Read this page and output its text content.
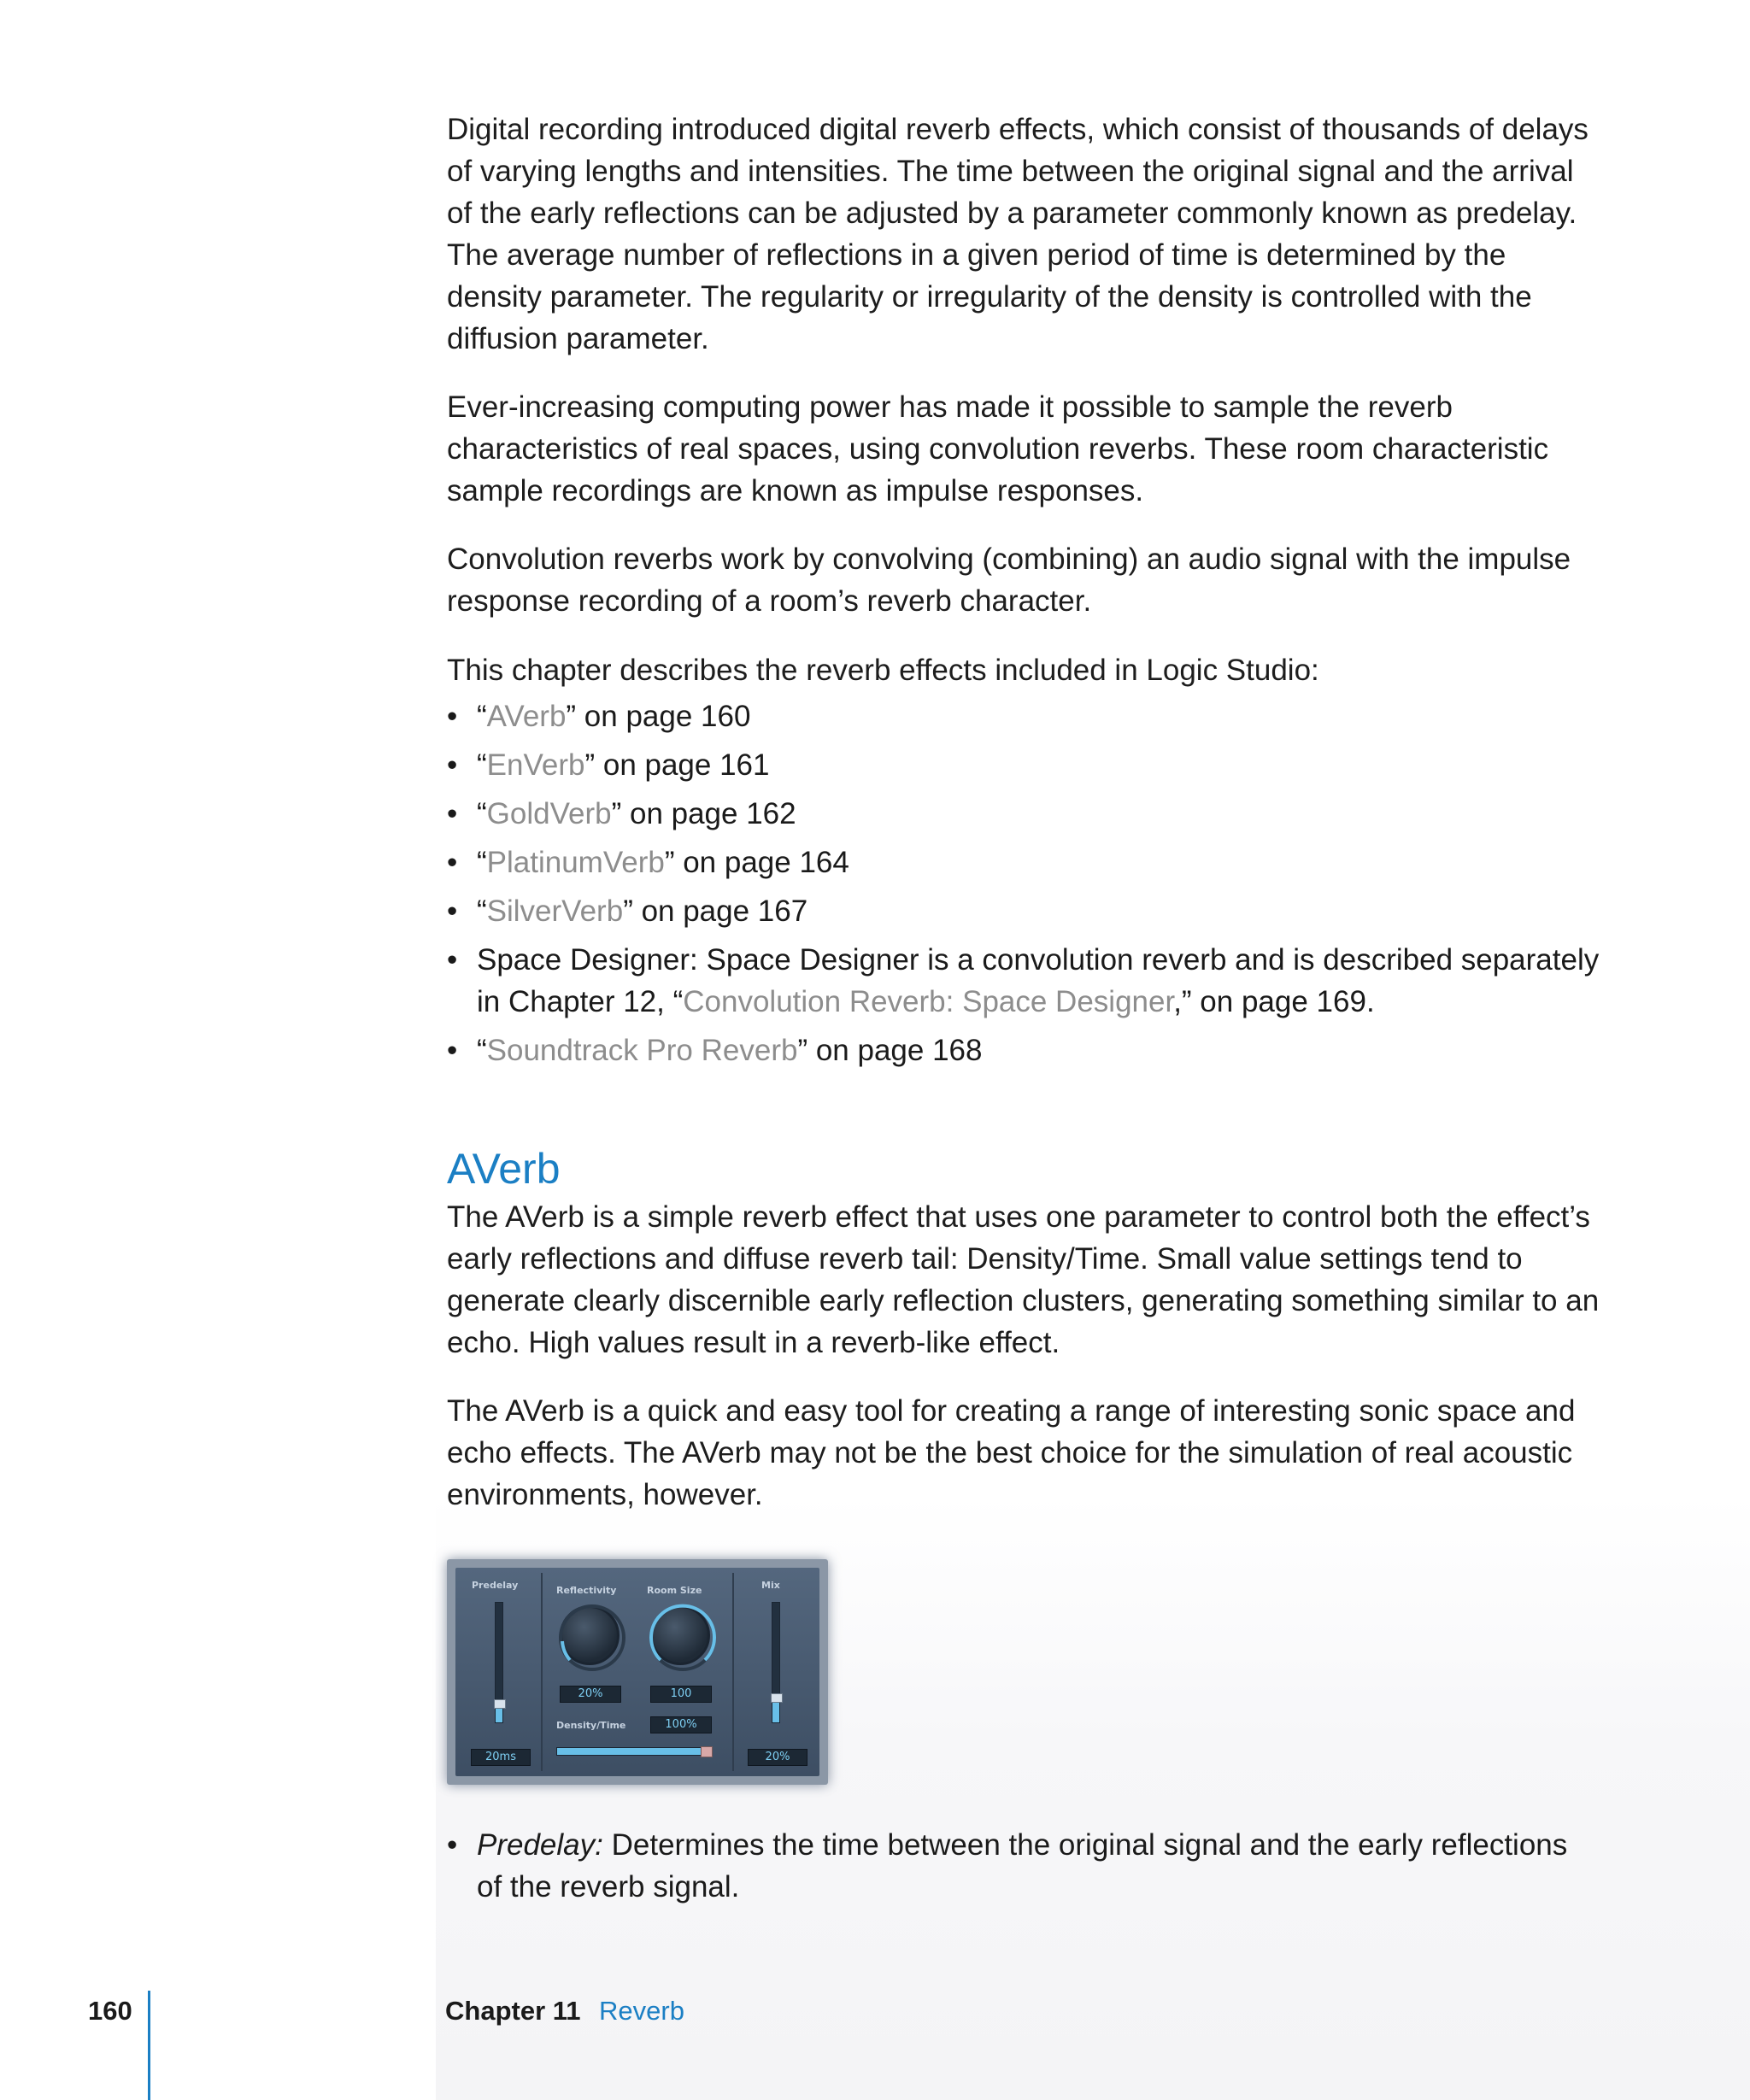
Digital recording introduced digital reverb effects, which consist of thousands of delays of varying lengths and intensities. The time between the original signal and the arrival of the early reflections can be adjusted by a parameter commonly known as predelay. The average number of reflections in a given period of time is determined by the density parameter. The regularity or irregularity of the density is controlled with the diffusion parameter.

Ever-increasing computing power has made it possible to sample the reverb characteristics of real spaces, using convolution reverbs. These room characteristic sample recordings are known as impulse responses.

Convolution reverbs work by convolving (combining) an audio signal with the impulse response recording of a room’s reverb character.

This chapter describes the reverb effects included in Logic Studio:

• “AVerb” on page 160
• “EnVerb” on page 161
• “GoldVerb” on page 162
• “PlatinumVerb” on page 164
• “SilverVerb” on page 167
• Space Designer: Space Designer is a convolution reverb and is described separately in Chapter 12, “Convolution Reverb: Space Designer,” on page 169.
• “Soundtrack Pro Reverb” on page 168
AVerb

The AVerb is a simple reverb effect that uses one parameter to control both the effect’s early reflections and diffuse reverb tail: Density/Time. Small value settings tend to generate clearly discernible early reflection clusters, generating something similar to an echo. High values result in a reverb-like effect.

The AVerb is a quick and easy tool for creating a range of interesting sonic space and echo effects. The AVerb may not be the best choice for the simulation of real acoustic environments, however.

Predelay
20ms
Reflectivity
20%
Room Size
100
Density/Time	100%
Mix
20%
• Predelay: Determines the time between the original signal and the early reflections of the reverb signal.
160	Chapter 11 Reverb
